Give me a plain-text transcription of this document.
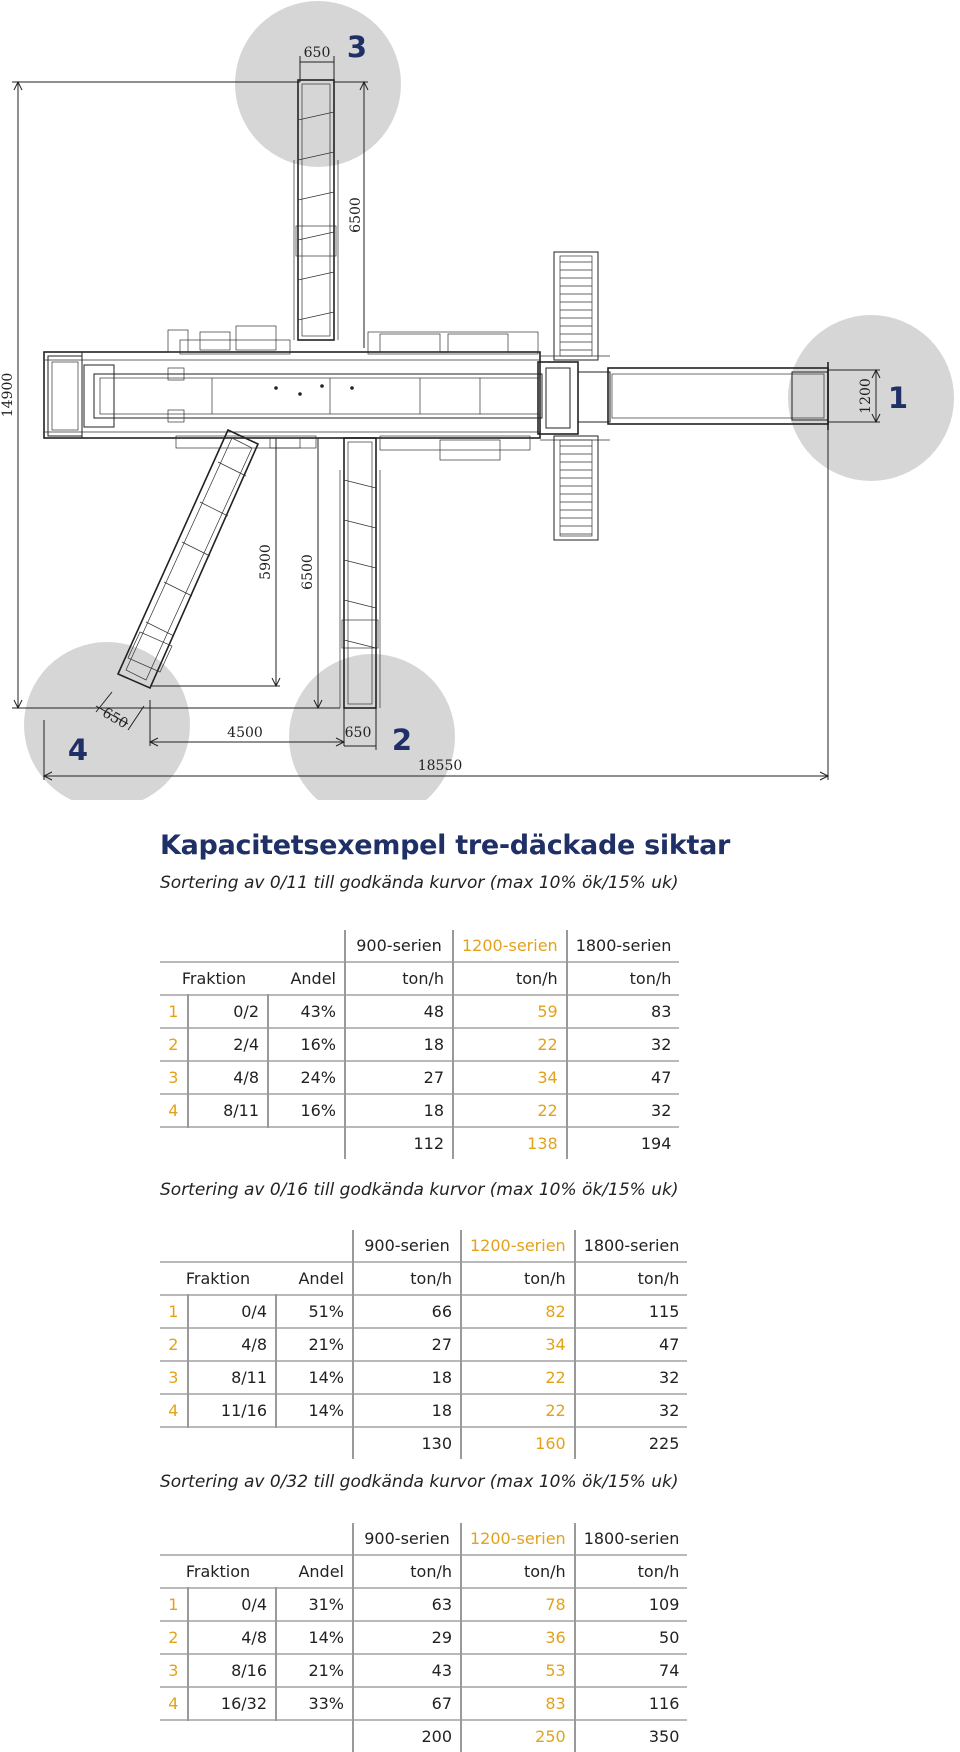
650
6500
14900	1200
5900 6500
650
4500	650
18550
3
1
4	2
Kapacitetsexempel tre-däckade siktar

Sortering av 0/11 till godkända kurvor (max 10% ök/15% uk)

			900-serien	1200-serien	1800-serien
Fraktion		Andel	ton/h	ton/h	ton/h
1	0/2	43%	48	59	83
2	2/4	16%	18	22	32
3	4/8	24%	27	34	47
4	8/11	16%	18	22	32
			112	138	194

Sortering av 0/16 till godkända kurvor (max 10% ök/15% uk)

			900-serien	1200-serien	1800-serien
Fraktion		Andel	ton/h	ton/h	ton/h
1	0/4	51%	66	82	115
2	4/8	21%	27	34	47
3	8/11	14%	18	22	32
4	11/16	14%	18	22	32
			130	160	225

Sortering av 0/32 till godkända kurvor (max 10% ök/15% uk)

			900-serien	1200-serien	1800-serien
Fraktion		Andel	ton/h	ton/h	ton/h
1	0/4	31%	63	78	109
2	4/8	14%	29	36	50
3	8/16	21%	43	53	74
4	16/32	33%	67	83	116
			200	250	350
